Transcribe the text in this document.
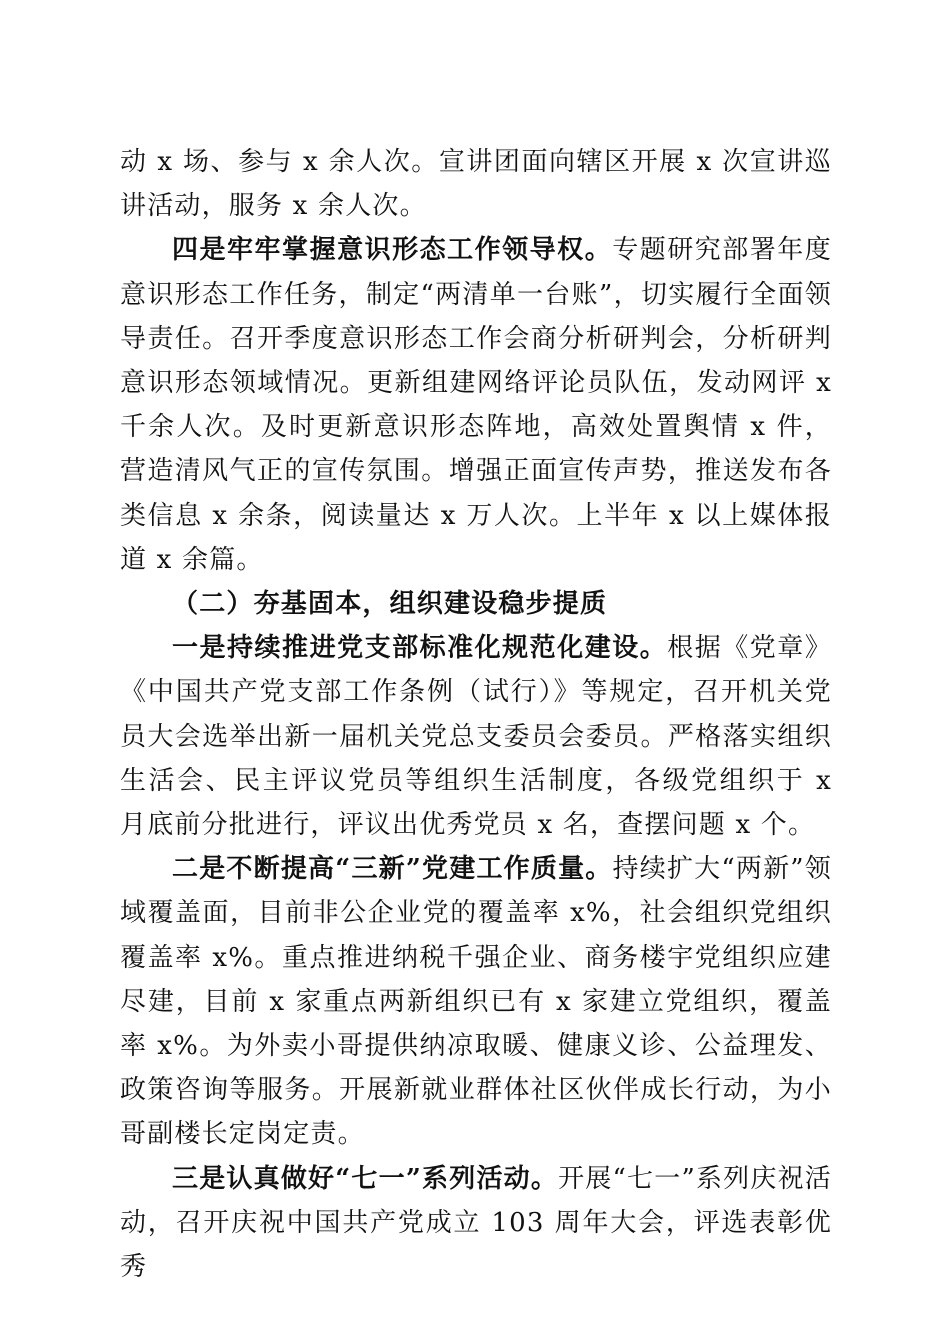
动 x 场、参与 x 余人次。宣讲团面向辖区开展 x 次宣讲巡讲活动，服务 x 余人次。

四是牢牢掌握意识形态工作领导权。专题研究部署年度意识形态工作任务，制定“两清单一台账”，切实履行全面领导责任。召开季度意识形态工作会商分析研判会，分析研判意识形态领域情况。更新组建网络评论员队伍，发动网评 x 千余人次。及时更新意识形态阵地，高效处置舆情 x 件，营造清风气正的宣传氛围。增强正面宣传声势，推送发布各类信息 x 余条，阅读量达 x 万人次。上半年 x 以上媒体报道 x 余篇。

（二）夯基固本，组织建设稳步提质

一是持续推进党支部标准化规范化建设。根据《党章》《中国共产党支部工作条例（试行）》等规定，召开机关党员大会选举出新一届机关党总支委员会委员。严格落实组织生活会、民主评议党员等组织生活制度，各级党组织于 x 月底前分批进行，评议出优秀党员 x 名，查摆问题 x 个。

二是不断提高“三新”党建工作质量。持续扩大“两新”领域覆盖面，目前非公企业党的覆盖率 x%，社会组织党组织覆盖率 x%。重点推进纳税千强企业、商务楼宇党组织应建尽建，目前 x 家重点两新组织已有 x 家建立党组织，覆盖率 x%。为外卖小哥提供纳凉取暖、健康义诊、公益理发、政策咨询等服务。开展新就业群体社区伙伴成长行动，为小哥副楼长定岗定责。

三是认真做好“七一”系列活动。开展“七一”系列庆祝活动，召开庆祝中国共产党成立 103 周年大会，评选表彰优秀
